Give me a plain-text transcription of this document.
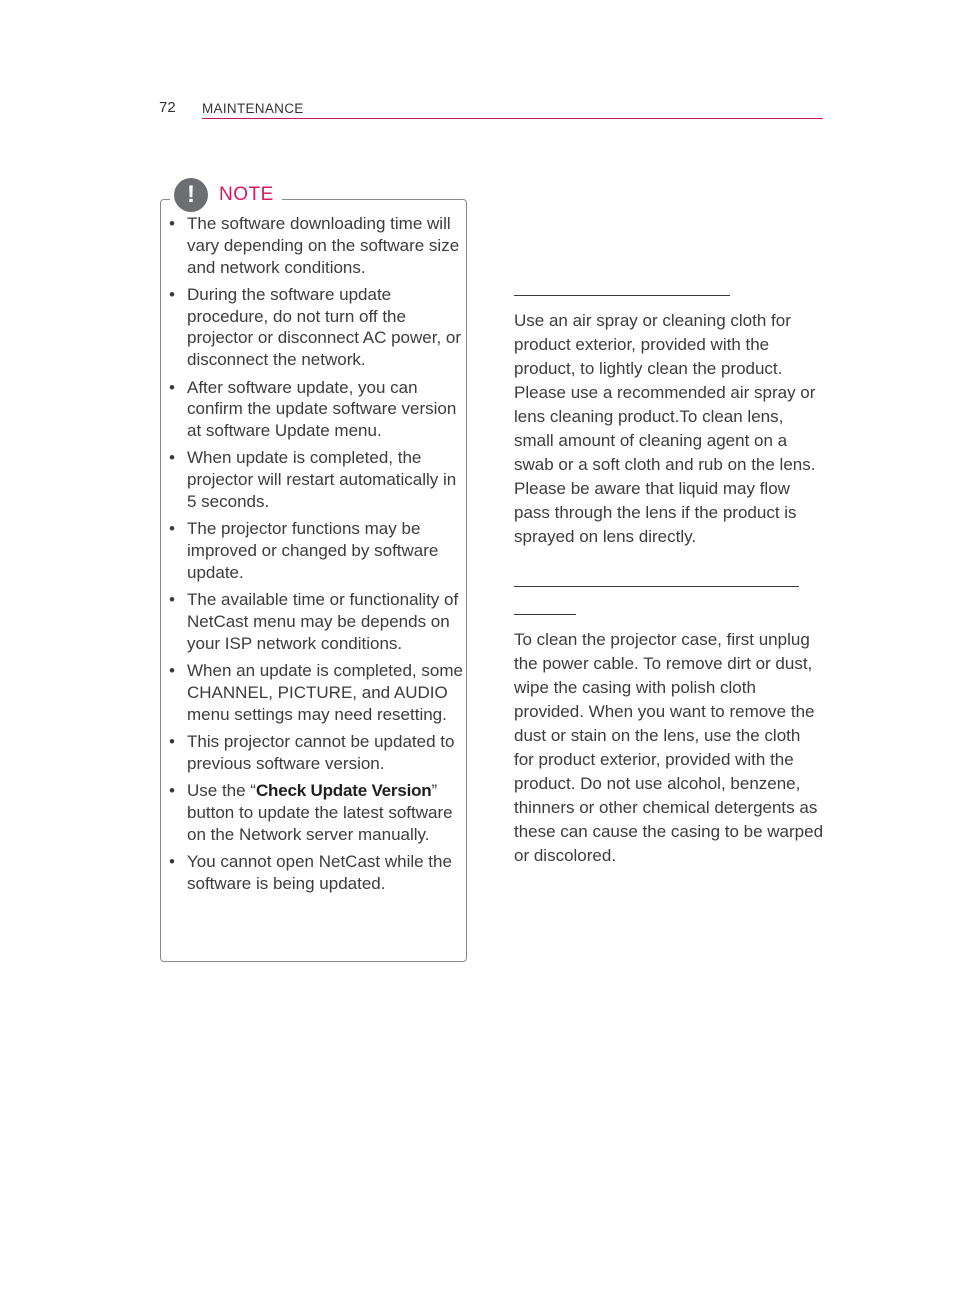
72 MAINTENANCE
!	NOTE
• The software downloading time will vary depending on the software size and network conditions.
• During the software update procedure, do not turn off the projector or disconnect AC power, or disconnect the network.
• After software update, you can confirm the update software version at software Update menu.
• When update is completed, the projector will restart automatically in 5 seconds.
• The projector functions may be improved or changed by software update.
• The available time or functionality of NetCast menu may be depends on your ISP network conditions.
• When an update is completed, some CHANNEL, PICTURE, and AUDIO menu settings may need resetting.
• This projector cannot be updated to previous software version.
• Use the “Check Update Version” button to update the latest software on the Network server manually.
• You cannot open NetCast while the software is being updated.

Use an air spray or cleaning cloth for product exterior, provided with the product, to lightly clean the product. Please use a recommended air spray or lens cleaning product.To clean lens, small amount of cleaning agent on a swab or a soft cloth and rub on the lens. Please be aware that liquid may flow pass through the lens if the product is sprayed on lens directly.

To clean the projector case, first unplug the power cable. To remove dirt or dust, wipe the casing with polish cloth provided. When you want to remove the dust or stain on the lens, use the cloth for product exterior, provided with the product. Do not use alcohol, benzene, thinners or other chemical detergents as these can cause the casing to be warped or discolored.
